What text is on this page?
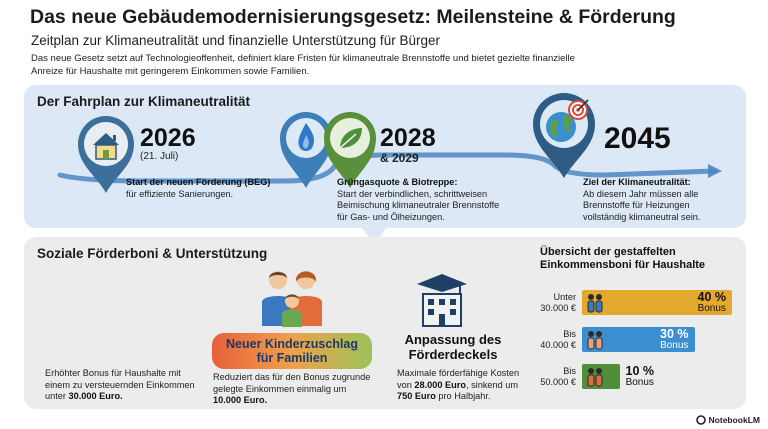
Das neue Gebäudemodernisierungsgesetz: Meilensteine & Förderung
Zeitplan zur Klimaneutralität und finanzielle Unterstützung für Bürger
Das neue Gesetz setzt auf Technologieoffenheit, definiert klare Fristen für klimaneutrale Brennstoffe und bietet gezielte finanzielle Anreize für Haushalte mit geringerem Einkommen sowie Familien.
Der Fahrplan zur Klimaneutralität
2026
(21. Juli)
Start der neuen Förderung (BEG)
für effiziente Sanierungen.
2028
& 2029
Grüngasquote & Biotreppe:
Start der verbindlichen, schrittweisen Beimischung klimaneutraler Brennstoffe für Gas- und Ölheizungen.
2045
Ziel der Klimaneutralität:
Ab diesem Jahr müssen alle Brennstoffe für Heizungen vollständig klimaneutral sein.
Soziale Förderboni & Unterstützung
Erhöhter Bonus für Haushalte mit einem zu versteuernden Einkommen unter 30.000 Euro.
Neuer Kinderzuschlag
für Familien
Reduziert das für den Bonus zugrunde gelegte Einkommen einmalig um 10.000 Euro.
Anpassung des
Förderdeckels
Maximale förderfähige Kosten von 28.000 Euro, sinkend um 750 Euro pro Halbjahr.
Übersicht der gestaffelten
Einkommensboni für Haushalte
Unter
30.000 €
40 %
Bonus
Bis
40.000 €
30 %
Bonus
Bis
50.000 €
10 %
Bonus
NotebookLM
